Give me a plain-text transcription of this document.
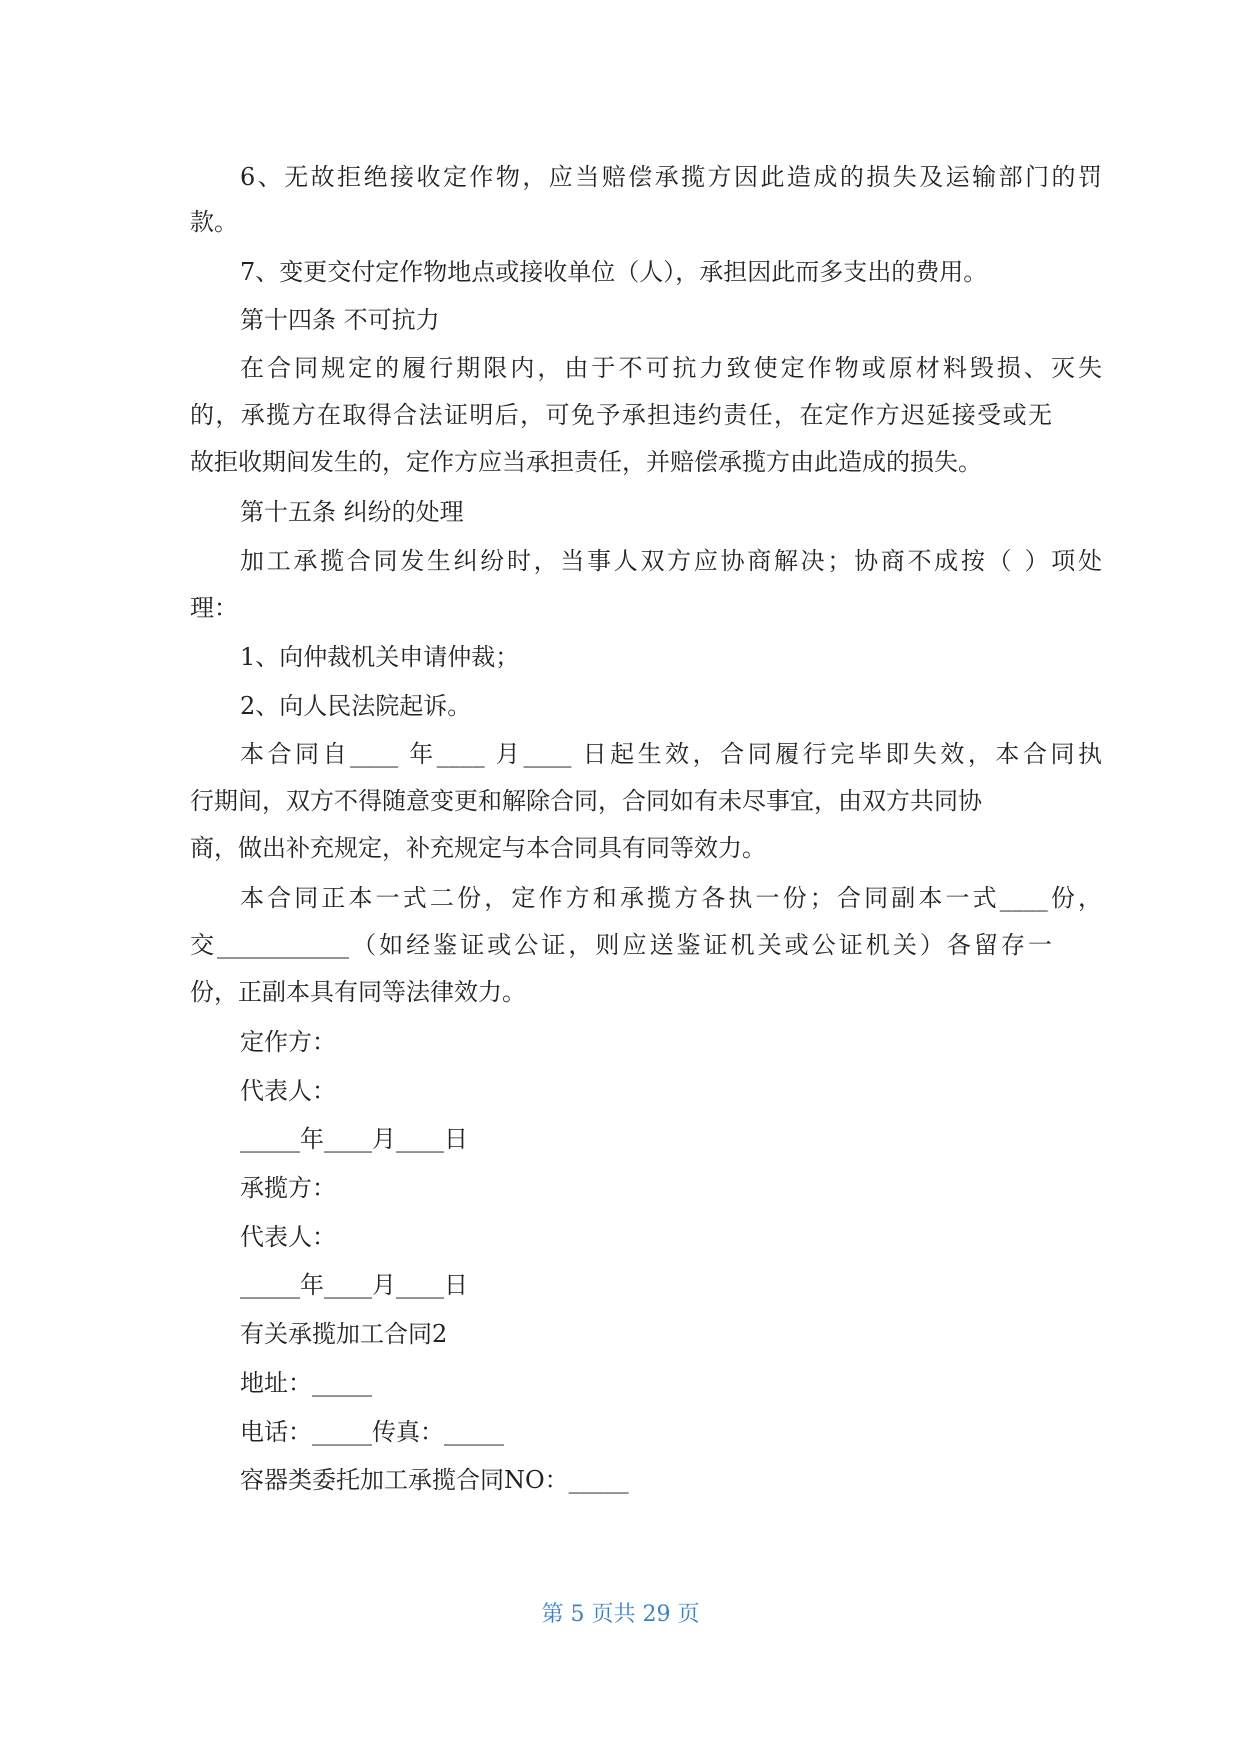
6、无故拒绝接收定作物，应当赔偿承揽方因此造成的损失及运输部门的罚

款。

7、变更交付定作物地点或接收单位（人），承担因此而多支出的费用。

第十四条 不可抗力

在合同规定的履行期限内，由于不可抗力致使定作物或原材料毁损、灭失

的，承揽方在取得合法证明后，可免予承担违约责任，在定作方迟延接受或无

故拒收期间发生的，定作方应当承担责任，并赔偿承揽方由此造成的损失。

第十五条 纠纷的处理

加工承揽合同发生纠纷时，当事人双方应协商解决；协商不成按（ ）项处

理：

1、向仲裁机关申请仲裁；

2、向人民法院起诉。

本合同自____ 年____ 月____ 日起生效，合同履行完毕即失效，本合同执

行期间，双方不得随意变更和解除合同，合同如有未尽事宜，由双方共同协

商，做出补充规定，补充规定与本合同具有同等效力。

本合同正本一式二份，定作方和承揽方各执一份；合同副本一式____份，

交___________（如经鉴证或公证，则应送鉴证机关或公证机关）各留存一

份，正副本具有同等法律效力。

定作方：

代表人：

_____年____月____日

承揽方：

代表人：

_____年____月____日

有关承揽加工合同2

地址：_____

电话：_____传真：_____

容器类委托加工承揽合同NO：_____

第 5 页共 29 页
